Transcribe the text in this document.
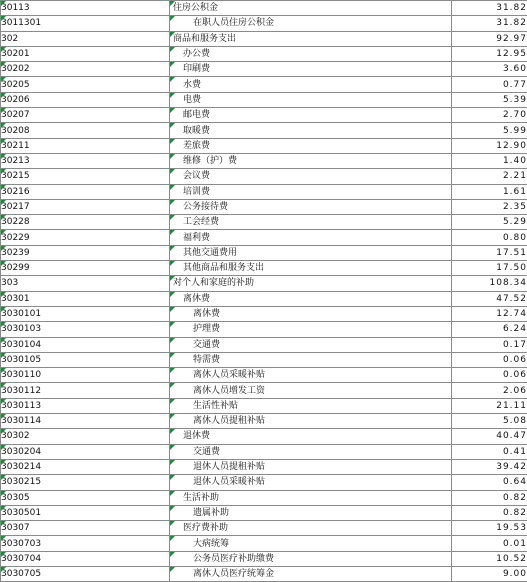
30113	住房公积金	31.82

3011301	在职人员住房公积金	31.82
302	商品和服务支出	92.97

30201	办公费	12.95

30202	印刷费	3.60

30205	水费	0.77

30206	电费	5.39

30207	邮电费	2.70

30208	取暖费	5.99

30211	差旅费	12.90

30213	维修（护）费	1.40

30215	会议费	2.21

30216	培训费	1.61

30217	公务接待费	2.35

30228	工会经费	5.29

30229	福利费	0.80

30239	其他交通费用	17.51

30299	其他商品和服务支出	17.50
303	对个人和家庭的补助	108.34

30301	离休费	47.52

3030101	离休费	12.74

3030103	护理费	6.24

3030104	交通费	0.17

3030105	特需费	0.06

3030110	离休人员采暖补贴	0.06

3030112	离休人员增发工资	2.06

3030113	生活性补贴	21.11

3030114	离休人员提租补贴	5.08

30302	退休费	40.47

3030204	交通费	0.41

3030214	退休人员提租补贴	39.42

3030215	退休人员采暖补贴	0.64

30305	生活补助	0.82

3030501	遗属补助	0.82

30307	医疗费补助	19.53

3030703	大病统筹	0.01

3030704	公务员医疗补助缴费	10.52

3030705	离休人员医疗统筹金	9.00
